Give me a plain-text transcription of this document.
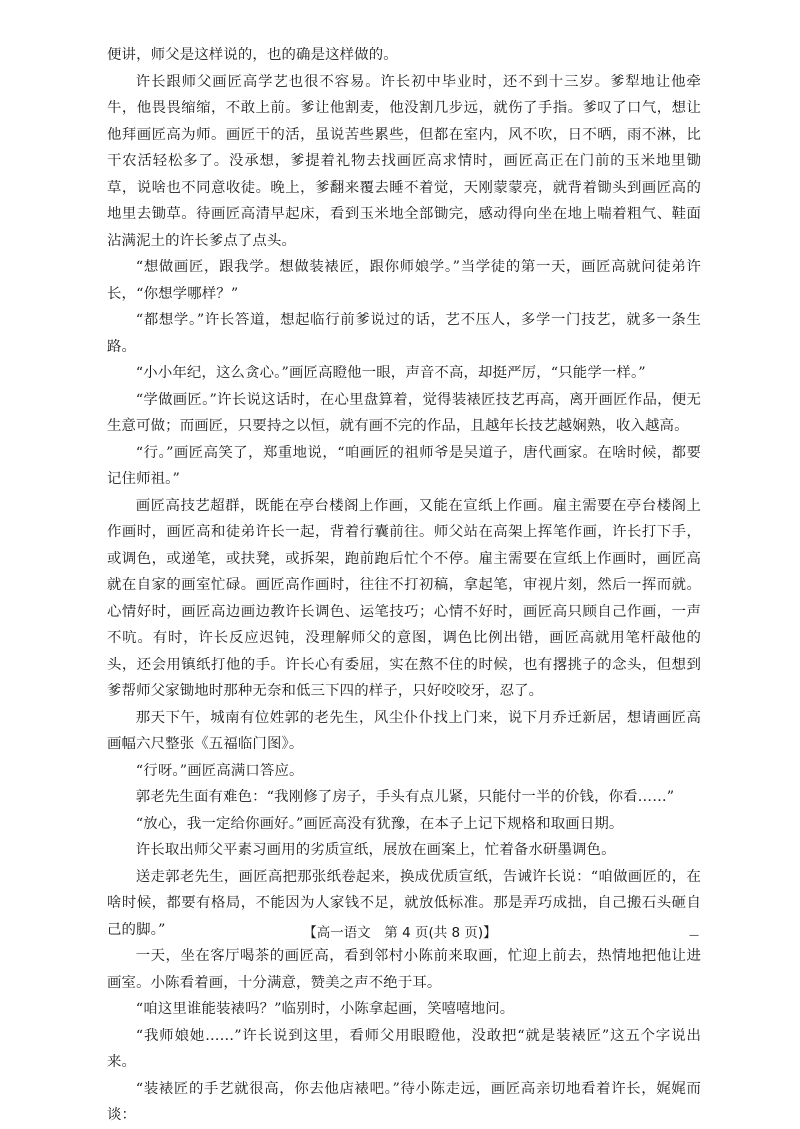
便讲，师父是这样说的，也的确是这样做的。

许长跟师父画匠高学艺也很不容易。许长初中毕业时，还不到十三岁。爹犁地让他牵牛，他畏畏缩缩，不敢上前。爹让他割麦，他没割几步远，就伤了手指。爹叹了口气，想让他拜画匠高为师。画匠干的活，虽说苦些累些，但都在室内，风不吹，日不晒，雨不淋，比干农活轻松多了。没承想，爹提着礼物去找画匠高求情时，画匠高正在门前的玉米地里锄草，说啥也不同意收徒。晚上，爹翻来覆去睡不着觉，天刚蒙蒙亮，就背着锄头到画匠高的地里去锄草。待画匠高清早起床，看到玉米地全部锄完，感动得向坐在地上喘着粗气、鞋面沾满泥土的许长爹点了点头。

“想做画匠，跟我学。想做装裱匠，跟你师娘学。”当学徒的第一天，画匠高就问徒弟许长，“你想学哪样？”

“都想学。”许长答道，想起临行前爹说过的话，艺不压人，多学一门技艺，就多一条生路。

“小小年纪，这么贪心。”画匠高瞪他一眼，声音不高，却挺严厉，“只能学一样。”

“学做画匠。”许长说这话时，在心里盘算着，觉得装裱匠技艺再高，离开画匠作品，便无生意可做；而画匠，只要持之以恒，就有画不完的作品，且越年长技艺越娴熟，收入越高。

“行。”画匠高笑了，郑重地说，“咱画匠的祖师爷是吴道子，唐代画家。在啥时候，都要记住师祖。”

画匠高技艺超群，既能在亭台楼阁上作画，又能在宣纸上作画。雇主需要在亭台楼阁上作画时，画匠高和徒弟许长一起，背着行囊前往。师父站在高架上挥笔作画，许长打下手，或调色，或递笔，或扶凳，或拆架，跑前跑后忙个不停。雇主需要在宣纸上作画时，画匠高就在自家的画室忙碌。画匠高作画时，往往不打初稿，拿起笔，审视片刻，然后一挥而就。心情好时，画匠高边画边教许长调色、运笔技巧；心情不好时，画匠高只顾自己作画，一声不吭。有时，许长反应迟钝，没理解师父的意图，调色比例出错，画匠高就用笔杆敲他的头，还会用镇纸打他的手。许长心有委屈，实在熬不住的时候，也有撂挑子的念头，但想到爹帮师父家锄地时那种无奈和低三下四的样子，只好咬咬牙，忍了。

那天下午，城南有位姓郭的老先生，风尘仆仆找上门来，说下月乔迁新居，想请画匠高画幅六尺整张《五福临门图》。

“行呀。”画匠高满口答应。

郭老先生面有难色：“我刚修了房子，手头有点儿紧，只能付一半的价钱，你看……”

“放心，我一定给你画好。”画匠高没有犹豫，在本子上记下规格和取画日期。

许长取出师父平素习画用的劣质宣纸，展放在画案上，忙着备水研墨调色。

送走郭老先生，画匠高把那张纸卷起来，换成优质宣纸，告诫许长说：“咱做画匠的，在啥时候，都要有格局，不能因为人家钱不足，就放低标准。那是弄巧成拙，自己搬石头砸自己的脚。”

一天，坐在客厅喝茶的画匠高，看到邻村小陈前来取画，忙迎上前去，热情地把他让进画室。小陈看着画，十分满意，赞美之声不绝于耳。

“咱这里谁能装裱吗？”临别时，小陈拿起画，笑嘻嘻地问。

“我师娘她……”许长说到这里，看师父用眼瞪他，没敢把“就是装裱匠”这五个字说出来。

“装裱匠的手艺就很高，你去他店裱吧。”待小陈走远，画匠高亲切地看着许长，娓娓而谈：

【高一语文　第 4 页(共 8 页)】	—
